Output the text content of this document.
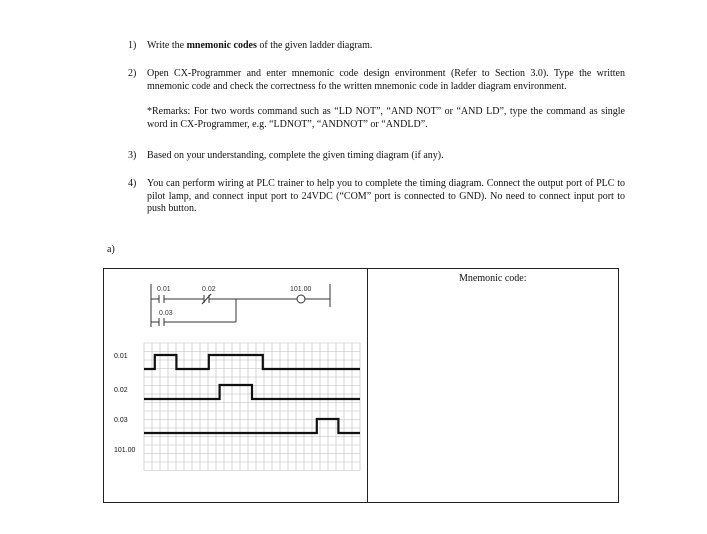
1) Write the mnemonic codes of the given ladder diagram.
2) Open CX-Programmer and enter mnemonic code design environment (Refer to Section 3.0). Type the written mnemonic code and check the correctness fo the written mnemonic code in ladder diagram environment.
*Remarks: For two words command such as “LD NOT”, “AND NOT” or “AND LD”, type the command as single word in CX-Programmer, e.g. “LDNOT”, “ANDNOT” or “ANDLD”.
3) Based on your understanding, complete the given timing diagram (if any).
4) You can perform wiring at PLC trainer to help you to complete the timing diagram. Connect the output port of PLC to pilot lamp, and connect input port to 24VDC (“COM” port is connected to GND). No need to connect input port to push button.
a)
Mnemonic code:
0.01	0.02	101.00
0.03
0.01
0.02
0.03
101.00
